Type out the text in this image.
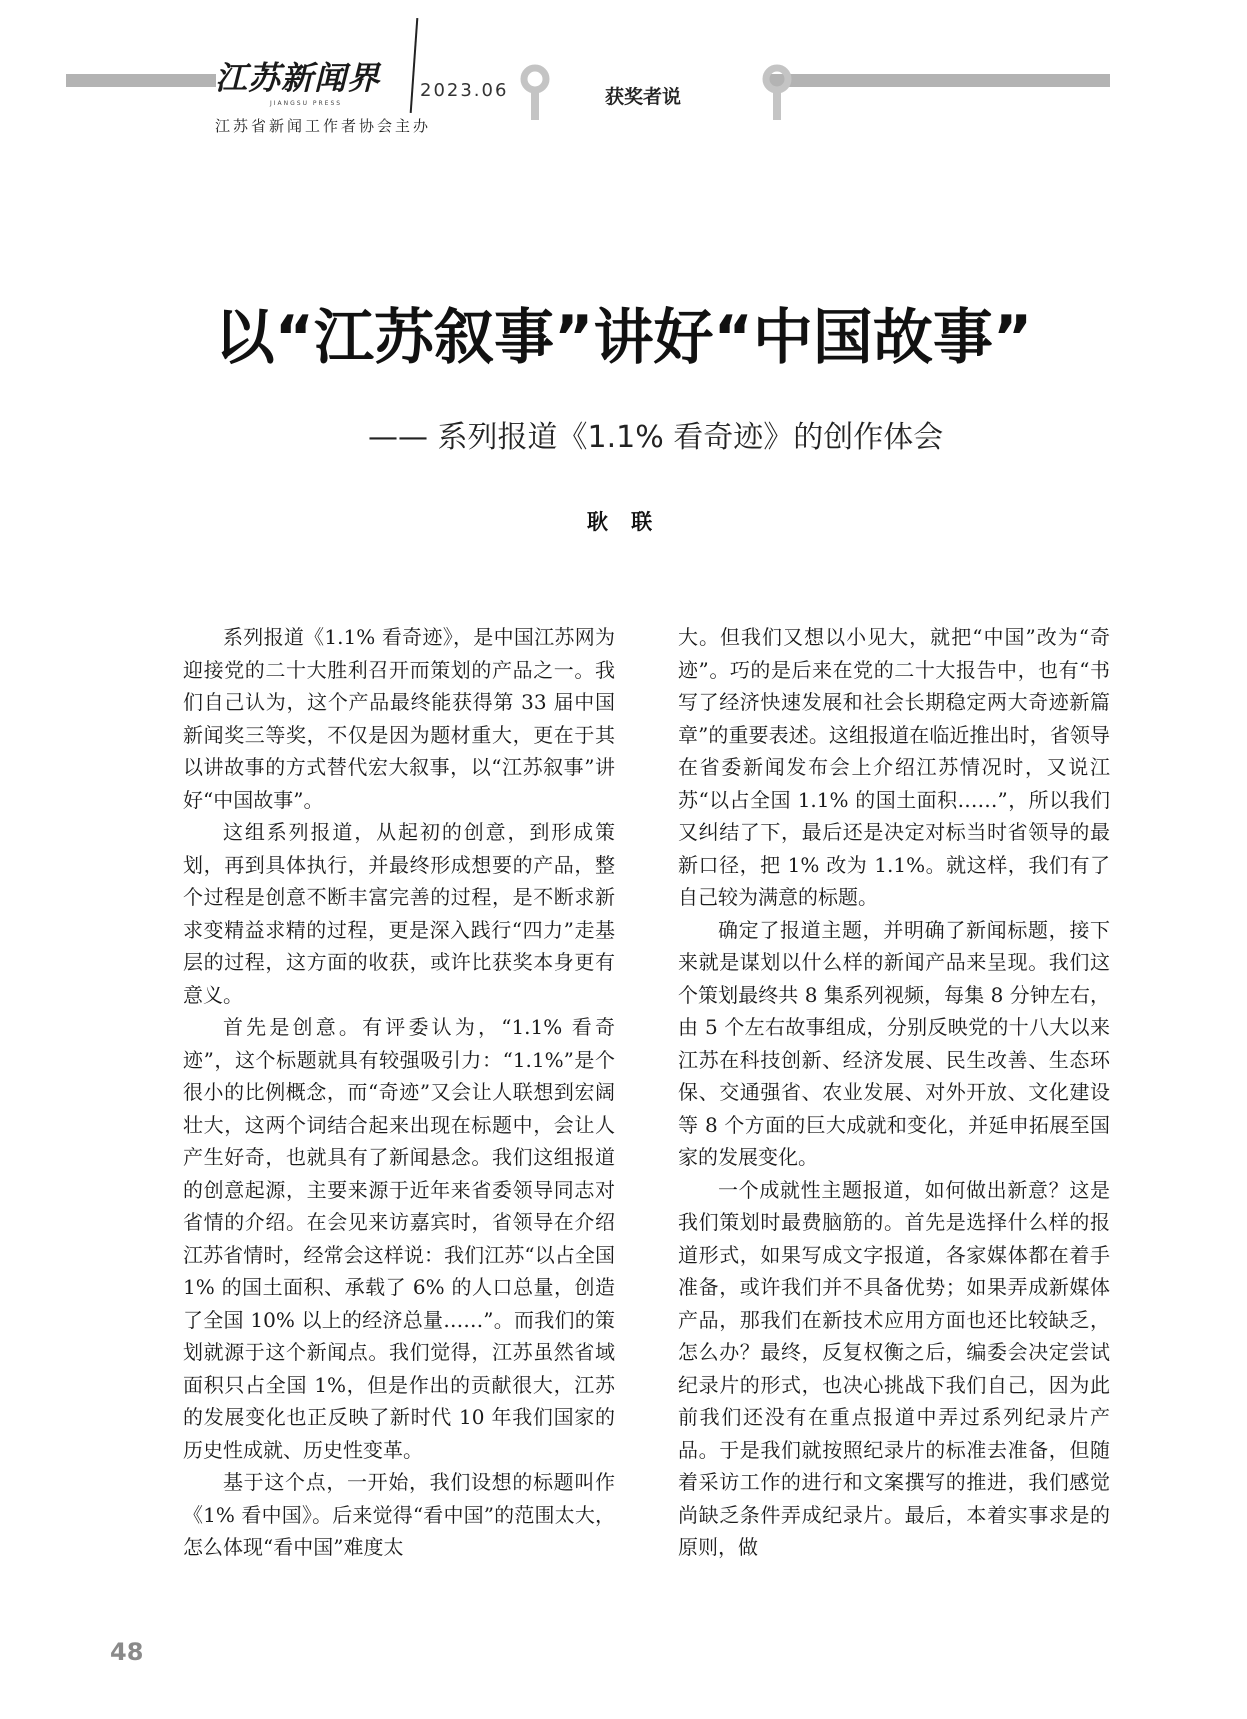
江苏新闻界
JIANGSU PRESS
2023.06
江苏省新闻工作者协会主办
获奖者说
以“江苏叙事”讲好“中国故事”
—— 系列报道《1.1% 看奇迹》的创作体会
耿 联

系列报道《1.1% 看奇迹》，是中国江苏网为迎接党的二十大胜利召开而策划的产品之一。我们自己认为，这个产品最终能获得第 33 届中国新闻奖三等奖，不仅是因为题材重大，更在于其以讲故事的方式替代宏大叙事，以“江苏叙事”讲好“中国故事”。

这组系列报道，从起初的创意，到形成策划，再到具体执行，并最终形成想要的产品，整个过程是创意不断丰富完善的过程，是不断求新求变精益求精的过程，更是深入践行“四力”走基层的过程，这方面的收获，或许比获奖本身更有意义。

首先是创意。有评委认为，“1.1% 看奇迹”，这个标题就具有较强吸引力：“1.1%”是个很小的比例概念，而“奇迹”又会让人联想到宏阔壮大，这两个词结合起来出现在标题中，会让人产生好奇，也就具有了新闻悬念。我们这组报道的创意起源，主要来源于近年来省委领导同志对省情的介绍。在会见来访嘉宾时，省领导在介绍江苏省情时，经常会这样说：我们江苏“以占全国 1% 的国土面积、承载了 6% 的人口总量，创造了全国 10% 以上的经济总量……”。而我们的策划就源于这个新闻点。我们觉得，江苏虽然省域面积只占全国 1%，但是作出的贡献很大，江苏的发展变化也正反映了新时代 10 年我们国家的历史性成就、历史性变革。

基于这个点，一开始，我们设想的标题叫作《1% 看中国》。后来觉得“看中国”的范围太大，怎么体现“看中国”难度太

大。但我们又想以小见大，就把“中国”改为“奇迹”。巧的是后来在党的二十大报告中，也有“书写了经济快速发展和社会长期稳定两大奇迹新篇章”的重要表述。这组报道在临近推出时，省领导在省委新闻发布会上介绍江苏情况时，又说江苏“以占全国 1.1% 的国土面积……”，所以我们又纠结了下，最后还是决定对标当时省领导的最新口径，把 1% 改为 1.1%。就这样，我们有了自己较为满意的标题。

确定了报道主题，并明确了新闻标题，接下来就是谋划以什么样的新闻产品来呈现。我们这个策划最终共 8 集系列视频，每集 8 分钟左右，由 5 个左右故事组成，分别反映党的十八大以来江苏在科技创新、经济发展、民生改善、生态环保、交通强省、农业发展、对外开放、文化建设等 8 个方面的巨大成就和变化，并延申拓展至国家的发展变化。

一个成就性主题报道，如何做出新意？这是我们策划时最费脑筋的。首先是选择什么样的报道形式，如果写成文字报道，各家媒体都在着手准备，或许我们并不具备优势；如果弄成新媒体产品，那我们在新技术应用方面也还比较缺乏，怎么办？最终，反复权衡之后，编委会决定尝试纪录片的形式，也决心挑战下我们自己，因为此前我们还没有在重点报道中弄过系列纪录片产品。于是我们就按照纪录片的标准去准备，但随着采访工作的进行和文案撰写的推进，我们感觉尚缺乏条件弄成纪录片。最后，本着实事求是的原则，做

48
